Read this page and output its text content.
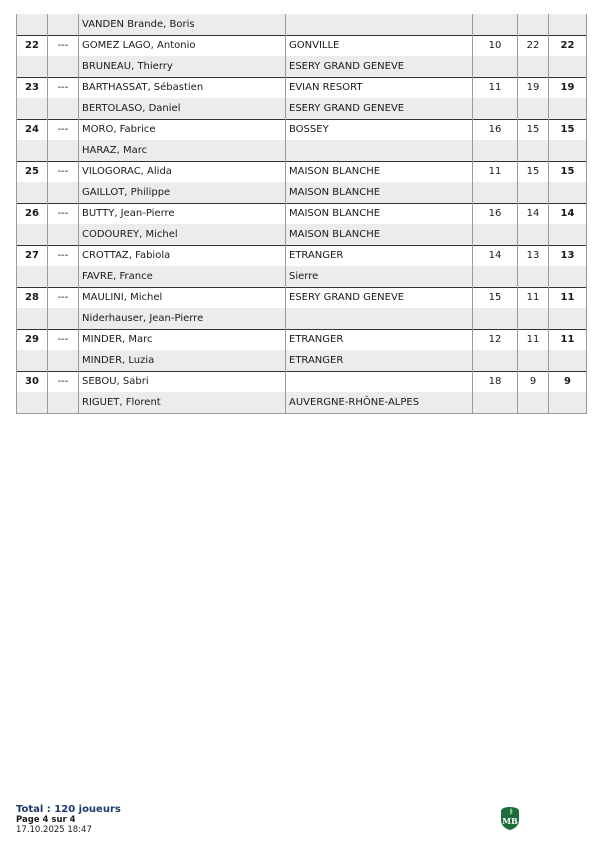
		VANDEN Brande, Boris				
22	---	GOMEZ LAGO, Antonio	GONVILLE	10	22	22
		BRUNEAU, Thierry	ESERY GRAND GENEVE			
23	---	BARTHASSAT, Sébastien	EVIAN RESORT	11	19	19
		BERTOLASO, Daniel	ESERY GRAND GENEVE			
24	---	MORO, Fabrice	BOSSEY	16	15	15
		HARAZ, Marc				
25	---	VILOGORAC, Alida	MAISON BLANCHE	11	15	15
		GAILLOT, Philippe	MAISON BLANCHE			
26	---	BUTTY, Jean-Pierre	MAISON BLANCHE	16	14	14
		CODOUREY, Michel	MAISON BLANCHE			
27	---	CROTTAZ, Fabiola	ETRANGER	14	13	13
		FAVRE, France	Sierre			
28	---	MAULINI, Michel	ESERY GRAND GENEVE	15	11	11
		Niderhauser, Jean-Pierre				
29	---	MINDER, Marc	ETRANGER	12	11	11
		MINDER, Luzia	ETRANGER			
30	---	SEBOU, Sabri		18	9	9
		RIGUET, Florent	AUVERGNE-RHÔNE-ALPES			
Total : 120 joueurs
Page 4 sur 4
17.10.2025 18:47
MB
